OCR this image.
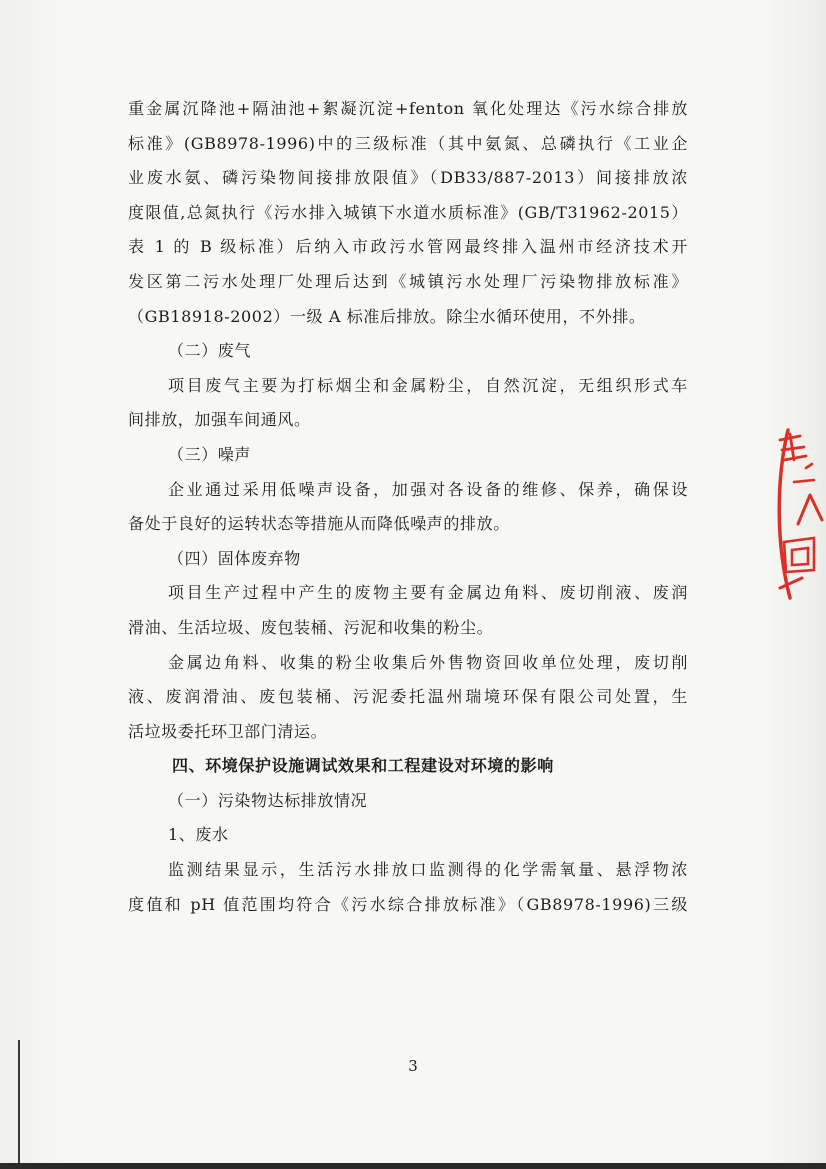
重金属沉降池+隔油池+絮凝沉淀+fenton 氧化处理达《污水综合排放
标准》(GB8978-1996)中的三级标准（其中氨氮、总磷执行《工业企
业废水氨、磷污染物间接排放限值》（DB33/887-2013）间接排放浓
度限值,总氮执行《污水排入城镇下水道水质标准》(GB/T31962-2015）
表 1 的 B 级标准）后纳入市政污水管网最终排入温州市经济技术开
发区第二污水处理厂处理后达到《城镇污水处理厂污染物排放标准》
（GB18918-2002）一级 A 标准后排放。除尘水循环使用，不外排。
（二）废气
项目废气主要为打标烟尘和金属粉尘，自然沉淀，无组织形式车
间排放，加强车间通风。
（三）噪声
企业通过采用低噪声设备，加强对各设备的维修、保养，确保设
备处于良好的运转状态等措施从而降低噪声的排放。
（四）固体废弃物
项目生产过程中产生的废物主要有金属边角料、废切削液、废润
滑油、生活垃圾、废包装桶、污泥和收集的粉尘。
金属边角料、收集的粉尘收集后外售物资回收单位处理，废切削
液、废润滑油、废包装桶、污泥委托温州瑞境环保有限公司处置，生
活垃圾委托环卫部门清运。
四、环境保护设施调试效果和工程建设对环境的影响
（一）污染物达标排放情况
1、废水
监测结果显示，生活污水排放口监测得的化学需氧量、悬浮物浓
度值和 pH 值范围均符合《污水综合排放标准》（GB8978-1996)三级
3
